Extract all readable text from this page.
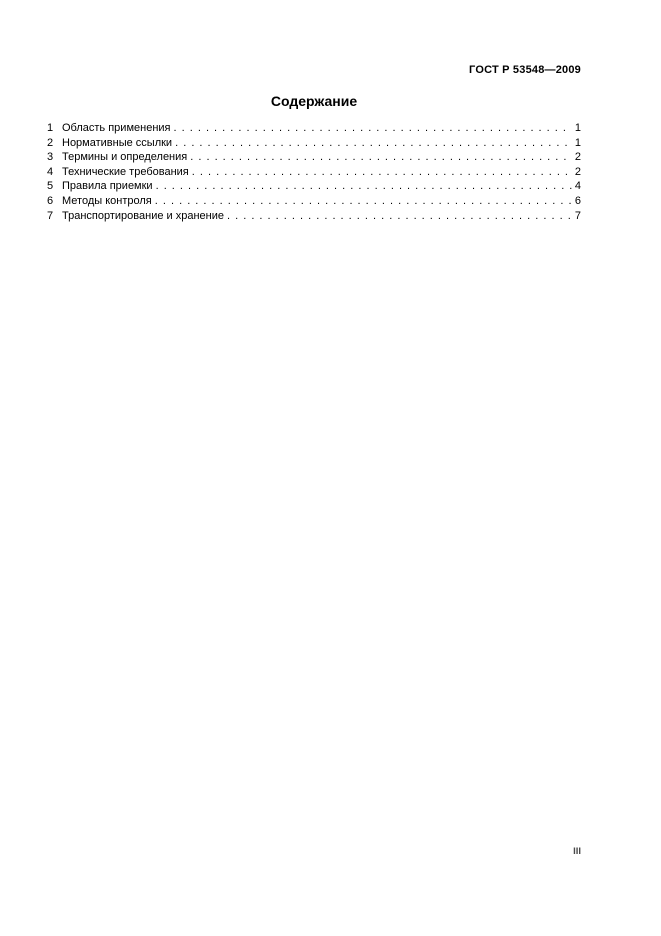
ГОСТ Р 53548—2009
Содержание
1 Область применения . . .	1
2 Нормативные ссылки . . .	1
3 Термины и определения . . .	2
4 Технические требования . . .	2
5 Правила приемки . . .	4
6 Методы контроля . . .	6
7 Транспортирование и хранение . . .	7
III
